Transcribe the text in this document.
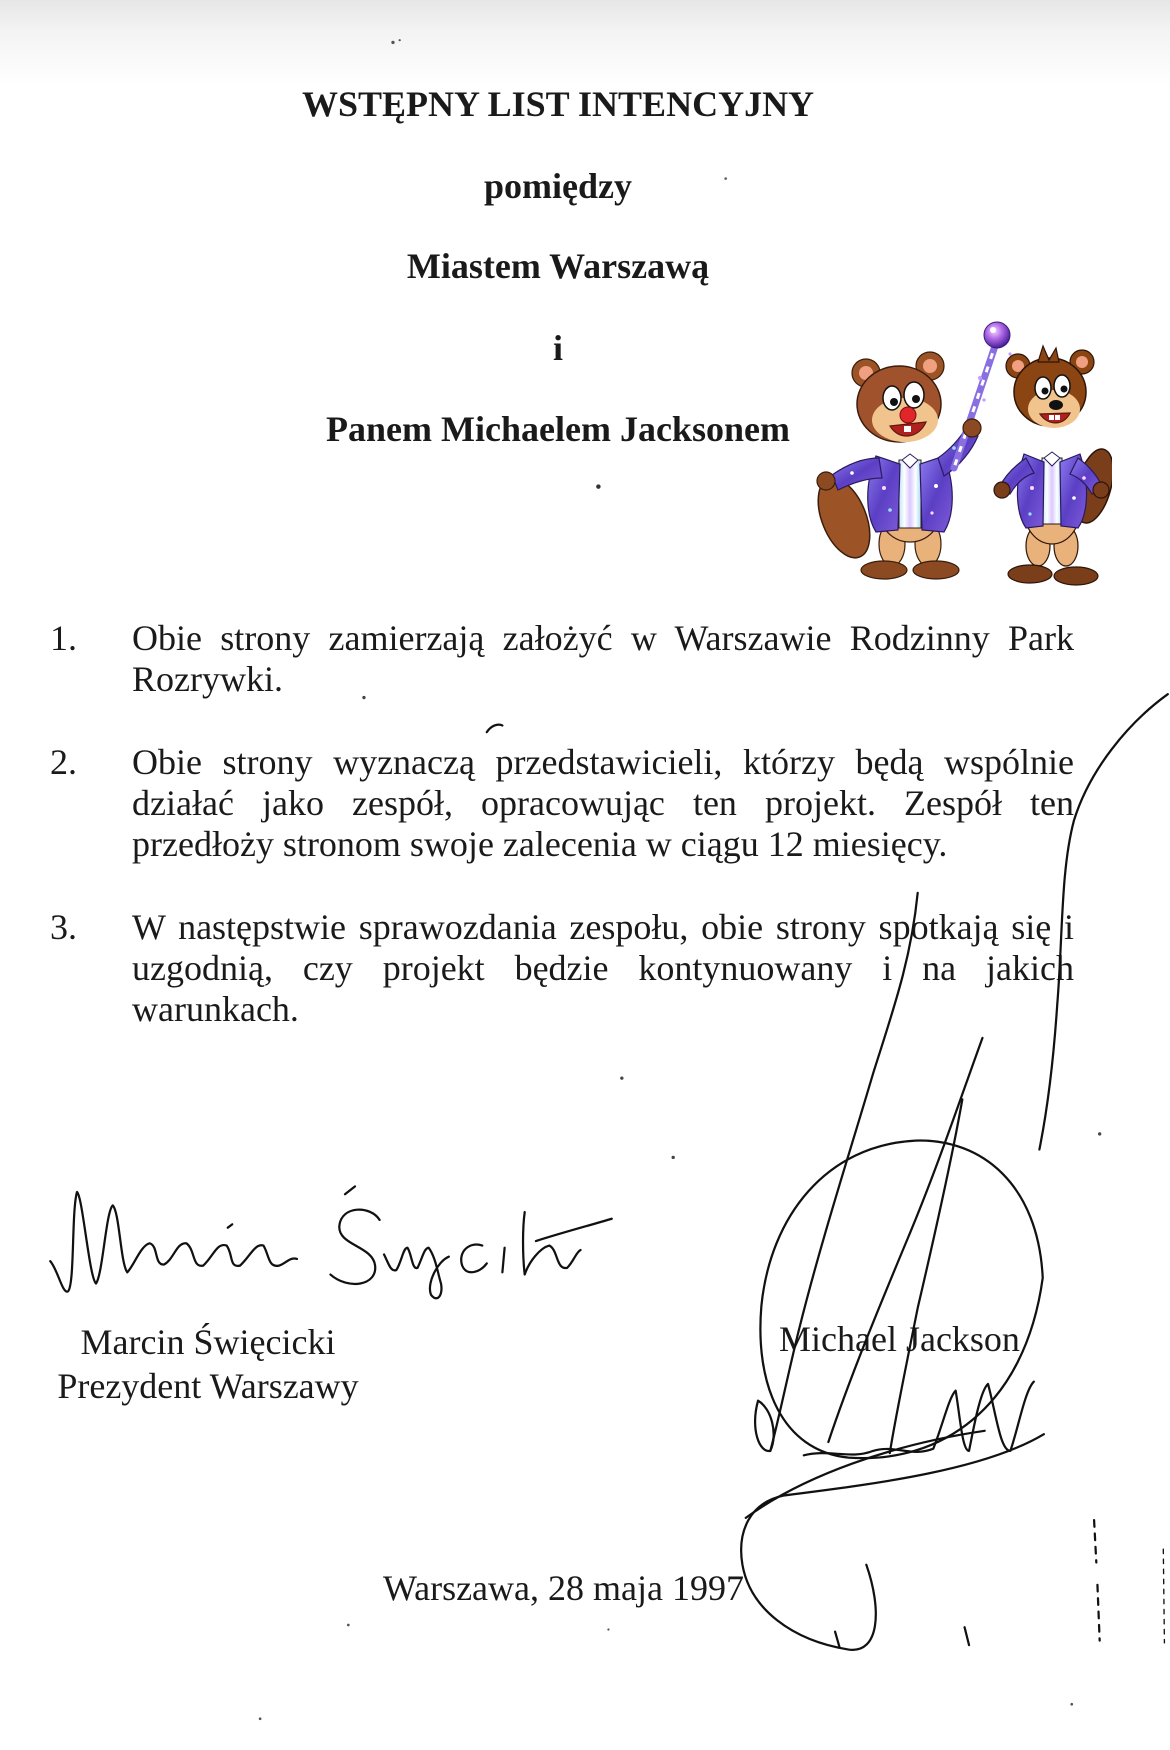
WSTĘPNY LIST INTENCYJNY
pomiędzy
Miastem Warszawą
i
Panem Michaelem Jacksonem
1. Obie strony zamierzają założyć w Warszawie Rodzinny Park
Rozrywki.
2. Obie strony wyznaczą przedstawicieli, którzy będą wspólnie
działać jako zespół, opracowując ten projekt. Zespół ten
przedłoży stronom swoje zalecenia w ciągu 12 miesięcy.
3. W następstwie sprawozdania zespołu, obie strony spotkają się i
uzgodnią, czy projekt będzie kontynuowany i na jakich
warunkach.
Marcin Święcicki
Prezydent Warszawy
Michael Jackson
Warszawa, 28 maja 1997
